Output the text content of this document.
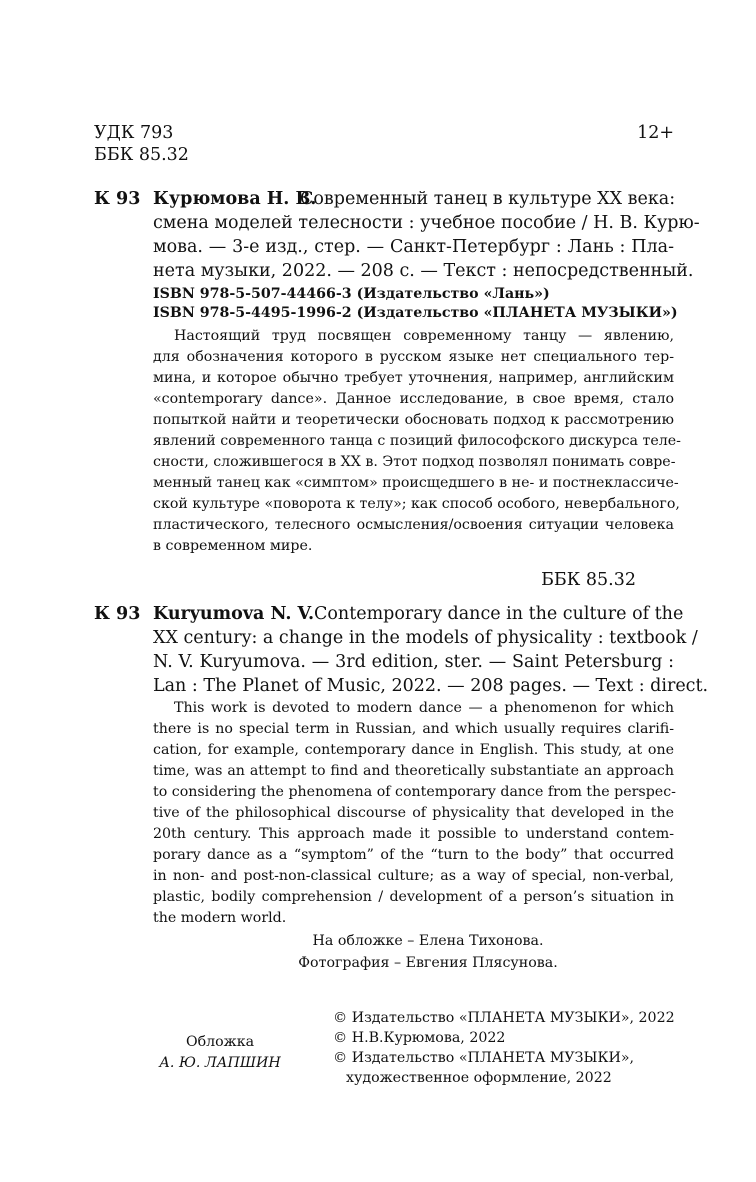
УДК 793
ББК 85.32
12+
К 93 Курюмова Н. В.
Современный танец в культуре XX века:
смена моделей телесности : учебное пособие / Н. В. Курю-
мова. — 3-е изд., стер. — Санкт-Петербург : Лань : Пла-
нета музыки, 2022. — 208 с. — Текст : непосредственный.
ISBN 978-5-507-44466-3 (Издательство «Лань»)
ISBN 978-5-4495-1996-2 (Издательство «ПЛАНЕТА МУЗЫКИ»)
Настоящий труд посвящен современному танцу — явлению,
для обозначения которого в русском языке нет специального тер-
мина, и которое обычно требует уточнения, например, английским
«contemporary dance». Данное исследование, в свое время, стало
попыткой найти и теоретически обосновать подход к рассмотрению
явлений современного танца с позиций философского дискурса теле-
сности, сложившегося в XX в. Этот подход позволял понимать совре-
менный танец как «симптом» происщедшего в не- и постнеклассиче-
ской культуре «поворота к телу»; как способ особого, невербального,
пластического, телесного осмысления/освоения ситуации человека
в современном мире.
ББК 85.32
К 93 Kuryumova N. V. Contemporary dance in the culture of the
XX century: a change in the models of physicality : textbook /
N. V. Kuryumova. — 3rd edition, ster. — Saint Petersburg :
Lan : The Planet of Music, 2022. — 208 pages. — Text : direct.
This work is devoted to modern dance — a phenomenon for which
there is no special term in Russian, and which usually requires clarifi-
cation, for example, contemporary dance in English. This study, at one
time, was an attempt to find and theoretically substantiate an approach
to considering the phenomena of contemporary dance from the perspec-
tive of the philosophical discourse of physicality that developed in the
20th century. This approach made it possible to understand contem-
porary dance as a “symptom” of the “turn to the body” that occurred
in non- and post-non-classical culture; as a way of special, non-verbal,
plastic, bodily comprehension / development of a person’s situation in
the modern world.
На обложке – Елена Тихонова.
Фотография – Евгения Плясунова.
Обложка
А. Ю. ЛАПШИН
© Издательство «ПЛАНЕТА МУЗЫКИ», 2022
© Н.В.Курюмова, 2022
© Издательство «ПЛАНЕТА МУЗЫКИ»,
художественное оформление, 2022
